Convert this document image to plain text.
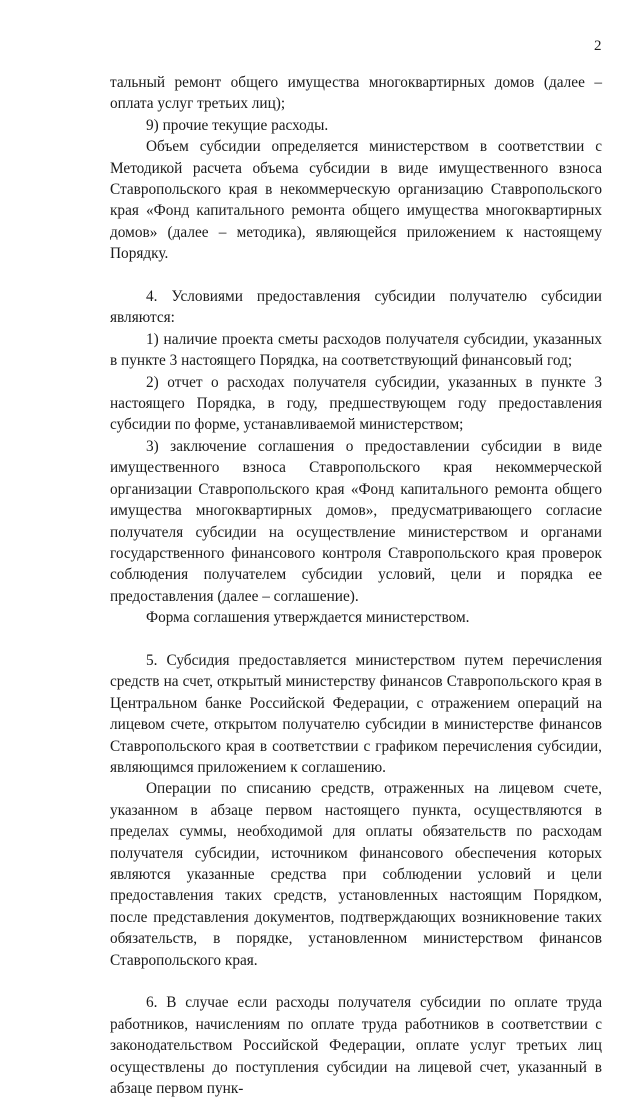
2

тальный ремонт общего имущества многоквартирных домов (далее – оплата услуг третьих лиц);

9) прочие текущие расходы.

Объем субсидии определяется министерством в соответствии с Методикой расчета объема субсидии в виде имущественного взноса Ставропольского края в некоммерческую организацию Ставропольского края «Фонд капитального ремонта общего имущества многоквартирных домов» (далее – методика), являющейся приложением к настоящему Порядку.

4. Условиями предоставления субсидии получателю субсидии являются:

1) наличие проекта сметы расходов получателя субсидии, указанных в пункте 3 настоящего Порядка, на соответствующий финансовый год;

2) отчет о расходах получателя субсидии, указанных в пункте 3 настоящего Порядка, в году, предшествующем году предоставления субсидии по форме, устанавливаемой министерством;

3) заключение соглашения о предоставлении субсидии в виде имущественного взноса Ставропольского края некоммерческой организации Ставропольского края «Фонд капитального ремонта общего имущества многоквартирных домов», предусматривающего согласие получателя субсидии на осуществление министерством и органами государственного финансового контроля Ставропольского края проверок соблюдения получателем субсидии условий, цели и порядка ее предоставления (далее – соглашение).

Форма соглашения утверждается министерством.

5. Субсидия предоставляется министерством путем перечисления средств на счет, открытый министерству финансов Ставропольского края в Центральном банке Российской Федерации, с отражением операций на лицевом счете, открытом получателю субсидии в министерстве финансов Ставропольского края в соответствии с графиком перечисления субсидии, являющимся приложением к соглашению.

Операции по списанию средств, отраженных на лицевом счете, указанном в абзаце первом настоящего пункта, осуществляются в пределах суммы, необходимой для оплаты обязательств по расходам получателя субсидии, источником финансового обеспечения которых являются указанные средства при соблюдении условий и цели предоставления таких средств, установленных настоящим Порядком, после представления документов, подтверждающих возникновение таких обязательств, в порядке, установленном министерством финансов Ставропольского края.

6. В случае если расходы получателя субсидии по оплате труда работников, начислениям по оплате труда работников в соответствии с законодательством Российской Федерации, оплате услуг третьих лиц осуществлены до поступления субсидии на лицевой счет, указанный в абзаце первом пунк-
